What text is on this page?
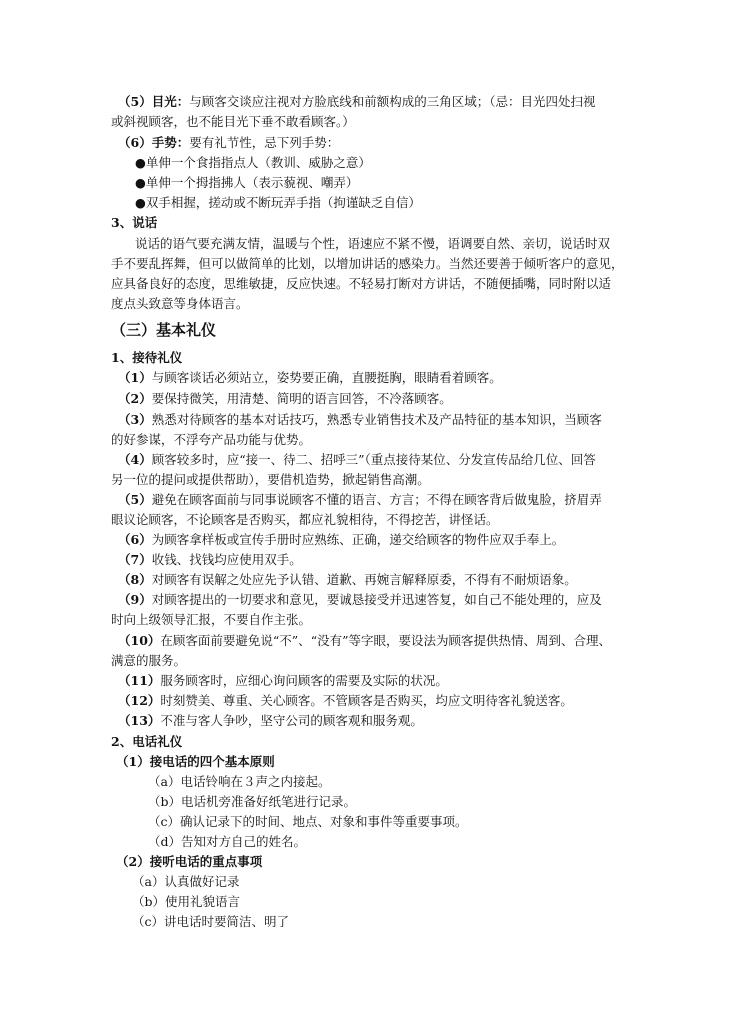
（5）目光：与顾客交谈应注视对方脸底线和前额构成的三角区域；（忌：目光四处扫视
或斜视顾客，也不能目光下垂不敢看顾客。）
（6）手势：要有礼节性，忌下列手势：
●单伸一个食指指点人（教训、威胁之意）
●单伸一个拇指拂人（表示藐视、嘲弄）
●双手相握，搓动或不断玩弄手指（拘谨缺乏自信）
3、说话
说话的语气要充满友情，温暖与个性，语速应不紧不慢，语调要自然、亲切，说话时双
手不要乱挥舞，但可以做简单的比划，以增加讲话的感染力。当然还要善于倾听客户的意见，
应具备良好的态度，思维敏捷，反应快速。不轻易打断对方讲话，不随便插嘴，同时附以适
度点头致意等身体语言。
（三）基本礼仪
1、接待礼仪
（1）与顾客谈话必须站立，姿势要正确，直腰挺胸，眼睛看着顾客。
（2）要保持微笑，用清楚、简明的语言回答，不冷落顾客。
（3）熟悉对待顾客的基本对话技巧，熟悉专业销售技术及产品特征的基本知识，当顾客
的好参谋，不浮夸产品功能与优势。
（4）顾客较多时，应“接一、待二、招呼三”（重点接待某位、分发宣传品给几位、回答
另一位的提问或提供帮助），要借机造势，掀起销售高潮。
（5）避免在顾客面前与同事说顾客不懂的语言、方言；不得在顾客背后做鬼脸，挤眉弄
眼议论顾客，不论顾客是否购买，都应礼貌相待，不得挖苦，讲怪话。
（6）为顾客拿样板或宣传手册时应熟练、正确，递交给顾客的物件应双手奉上。
（7）收钱、找钱均应使用双手。
（8）对顾客有误解之处应先予认错、道歉、再婉言解释原委，不得有不耐烦语象。
（9）对顾客提出的一切要求和意见，要诚恳接受并迅速答复，如自己不能处理的，应及
时向上级领导汇报，不要自作主张。
（10）在顾客面前要避免说“不”、“没有”等字眼，要设法为顾客提供热情、周到、合理、
满意的服务。
（11）服务顾客时，应细心询问顾客的需要及实际的状况。
（12）时刻赞美、尊重、关心顾客。不管顾客是否购买，均应文明待客礼貌送客。
（13）不准与客人争吵，坚守公司的顾客观和服务观。
2、电话礼仪
（1）接电话的四个基本原则
（a）电话铃响在３声之内接起。
（b）电话机旁准备好纸笔进行记录。
（c）确认记录下的时间、地点、对象和事件等重要事项。
（d）告知对方自己的姓名。
（2）接听电话的重点事项
（a）认真做好记录
（b）使用礼貌语言
（c）讲电话时要简洁、明了
